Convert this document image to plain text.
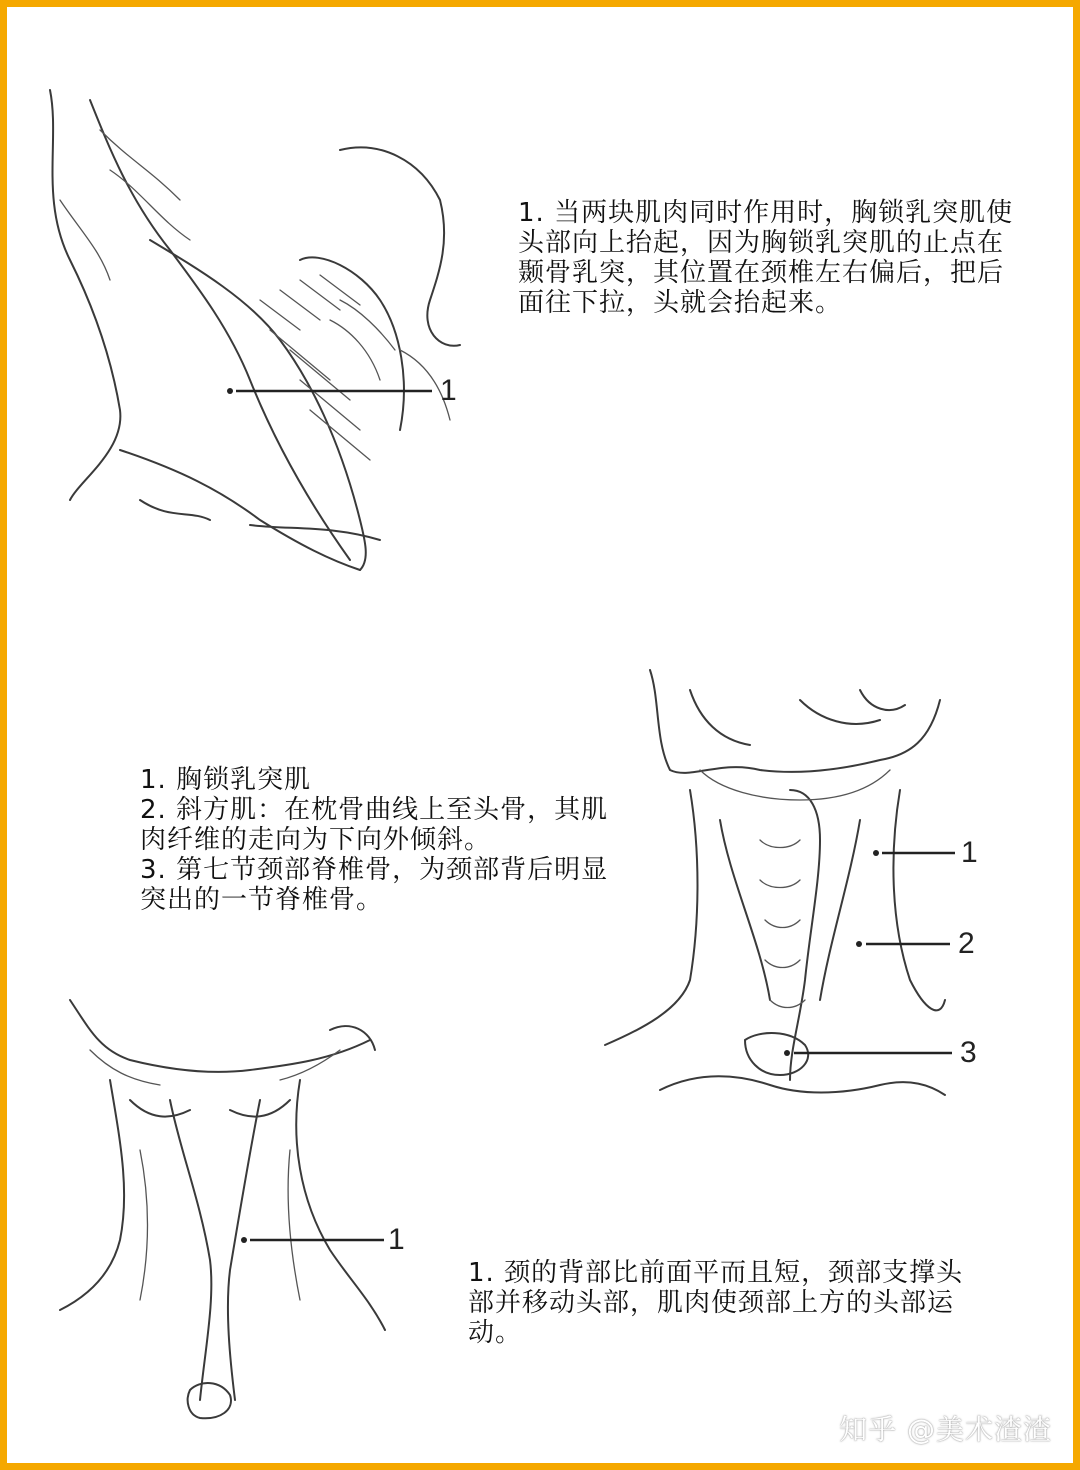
1
1
2
3
1

1. 当两块肌肉同时作用时，胸锁乳突肌使头部向上抬起，因为胸锁乳突肌的止点在颞骨乳突，其位置在颈椎左右偏后，把后面往下拉，头就会抬起来。

1. 胸锁乳突肌

2. 斜方肌：在枕骨曲线上至头骨，其肌肉纤维的走向为下向外倾斜。

3. 第七节颈部脊椎骨，为颈部背后明显突出的一节脊椎骨。

1. 颈的背部比前面平而且短，颈部支撑头部并移动头部，肌肉使颈部上方的头部运动。

知乎 @美术渣渣
